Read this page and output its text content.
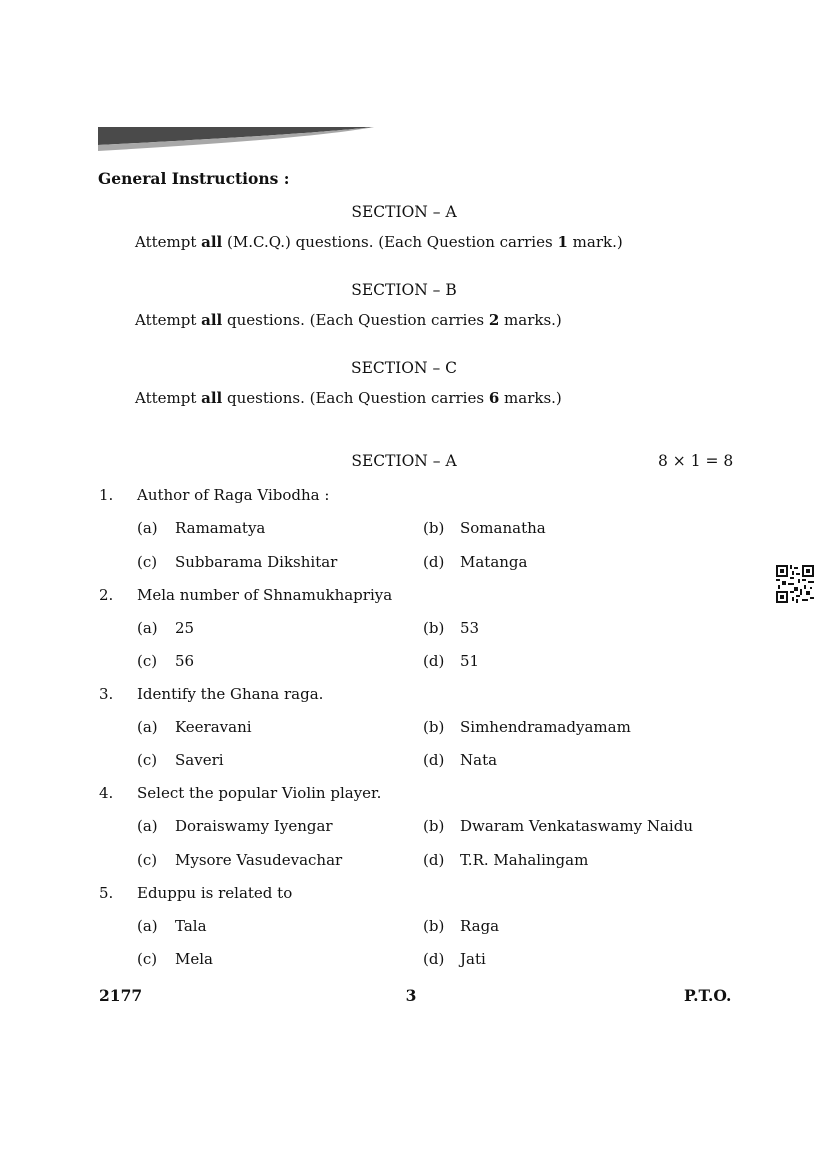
General Instructions :
SECTION – A
Attempt all (M.C.Q.) questions. (Each Question carries 1 mark.)
SECTION – B
Attempt all questions. (Each Question carries 2 marks.)
SECTION – C
Attempt all questions. (Each Question carries 6 marks.)
SECTION – A	8 × 1 = 8
1. Author of Raga Vibodha :
(a) Ramamatya	(b) Somanatha
(c) Subbarama Dikshitar	(d) Matanga
2. Mela number of Shnamukhapriya
(a) 25	(b) 53
(c) 56	(d) 51
3. Identify the Ghana raga.
(a) Keeravani	(b) Simhendramadyamam
(c) Saveri	(d) Nata
4. Select the popular Violin player.
(a) Doraiswamy Iyengar	(b) Dwaram Venkataswamy Naidu
(c) Mysore Vasudevachar	(d) T.R. Mahalingam
5. Eduppu is related to
(a) Tala	(b) Raga
(c) Mela	(d) Jati
2177	3	P.T.O.
